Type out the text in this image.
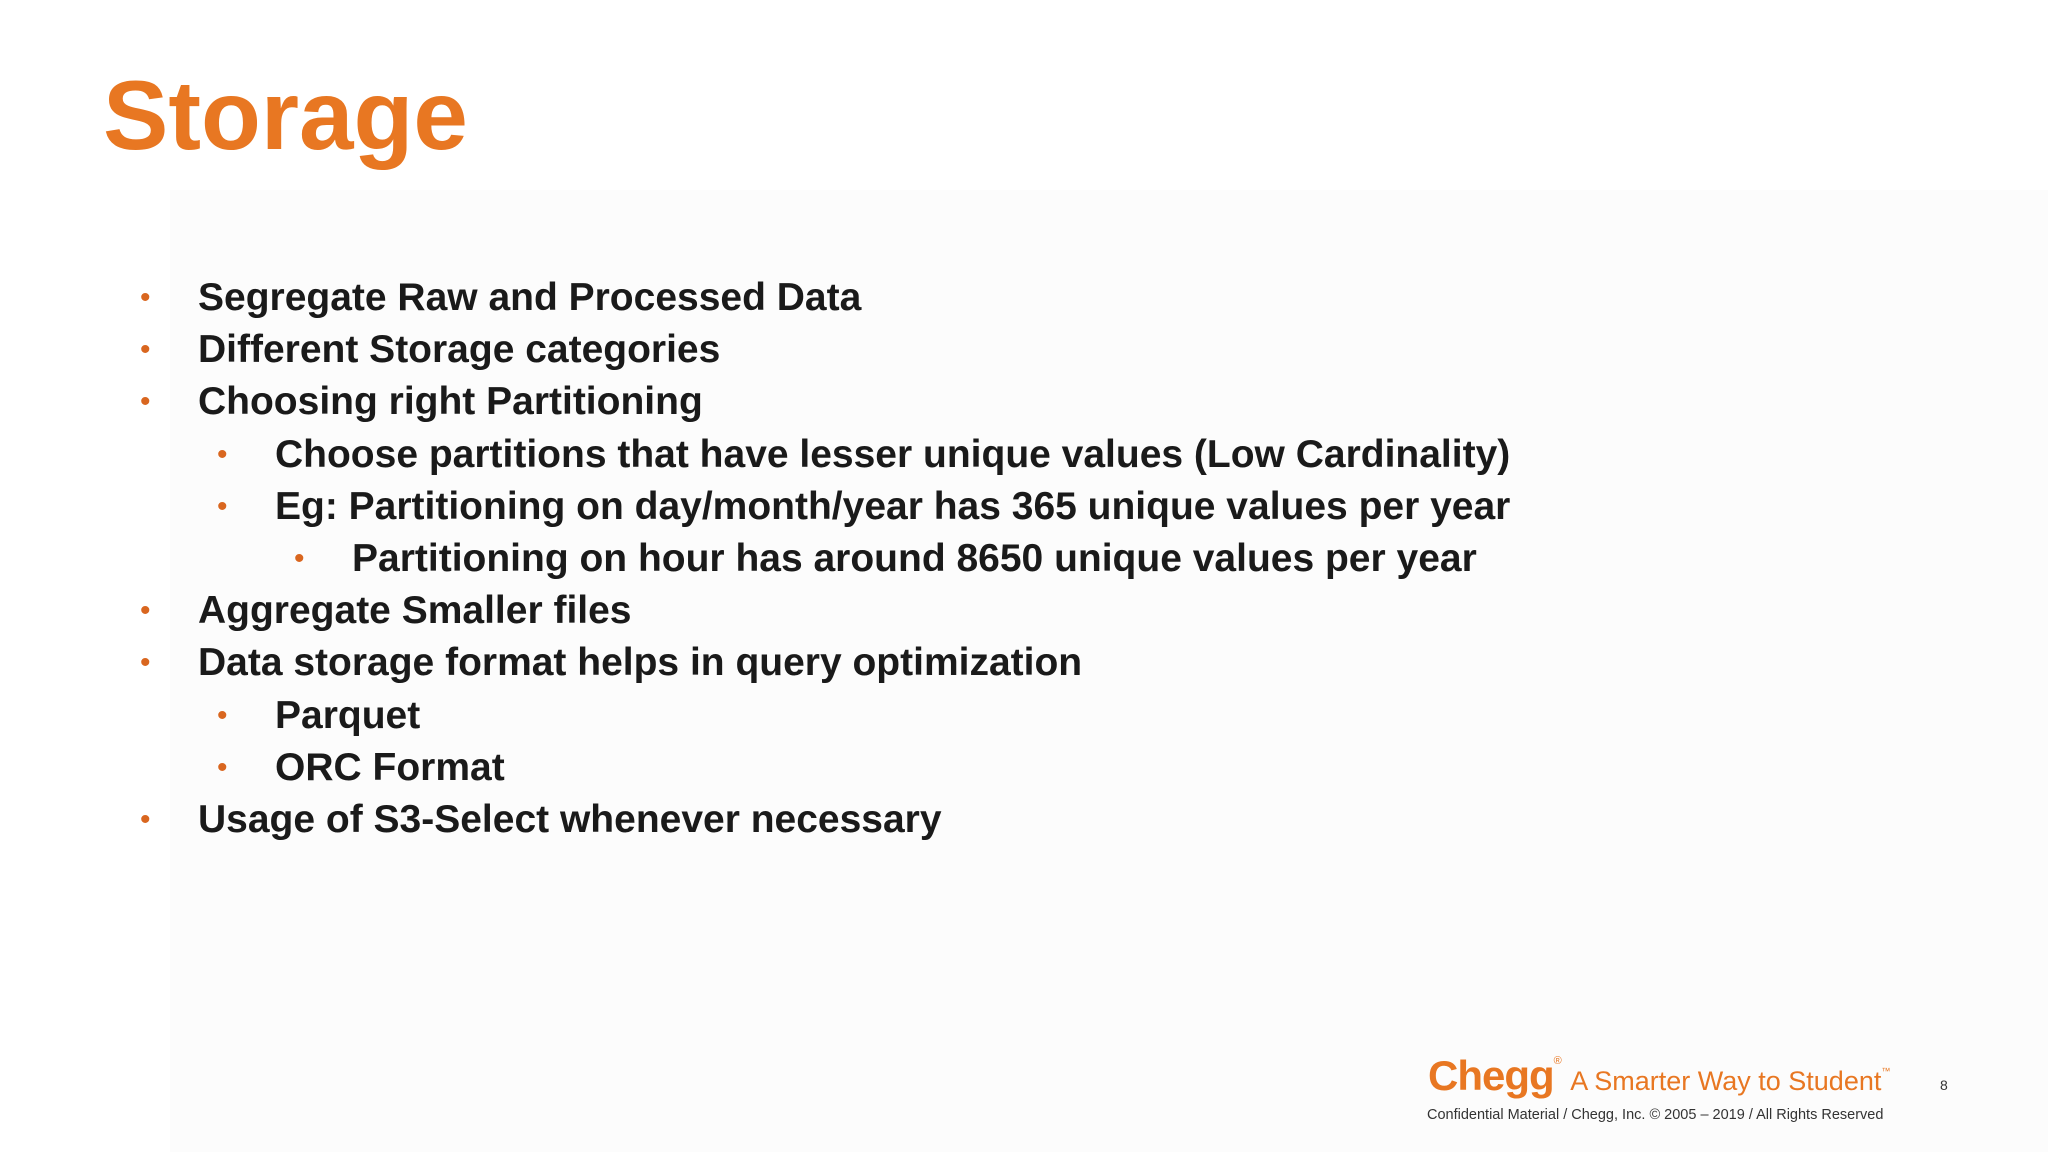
Storage
• Segregate Raw and Processed Data
• Different Storage categories
• Choosing right Partitioning
• Choose partitions that have lesser unique values (Low Cardinality)
• Eg: Partitioning on day/month/year has 365 unique values per year
• Partitioning on hour has around 8650 unique values per year
• Aggregate Smaller files
• Data storage format helps in query optimization
• Parquet
• ORC Format
• Usage of S3-Select whenever necessary
Chegg® A Smarter Way to Student™
8
Confidential Material / Chegg, Inc. © 2005 – 2019 / All Rights Reserved
